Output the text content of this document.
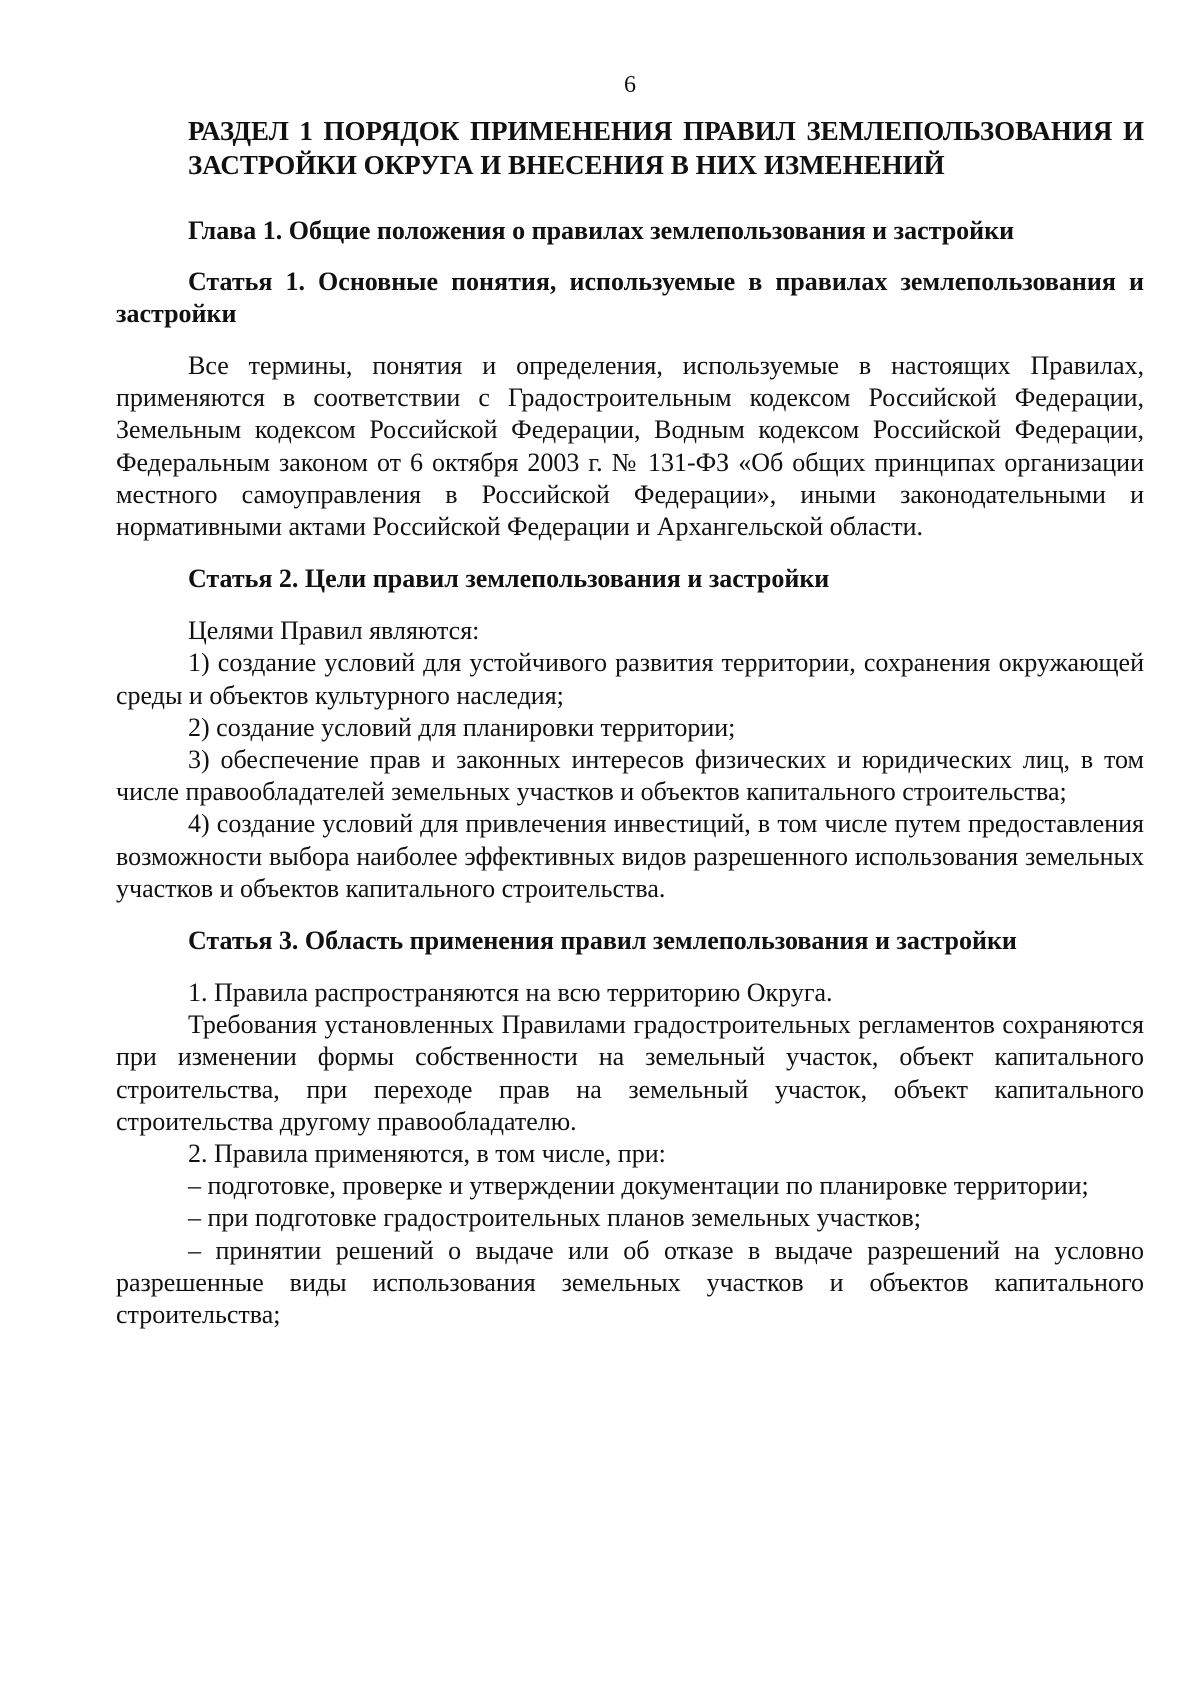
6
РАЗДЕЛ 1 ПОРЯДОК ПРИМЕНЕНИЯ ПРАВИЛ ЗЕМЛЕПОЛЬЗОВАНИЯ И ЗАСТРОЙКИ ОКРУГА И ВНЕСЕНИЯ В НИХ ИЗМЕНЕНИЙ
Глава 1. Общие положения о правилах землепользования и застройки
Статья 1. Основные понятия, используемые в правилах землепользования и застройки

Все термины, понятия и определения, используемые в настоящих Правилах, применяются в соответствии с Градостроительным кодексом Российской Федерации, Земельным кодексом Российской Федерации, Водным кодексом Российской Федерации, Федеральным законом от 6 октября 2003 г. № 131-ФЗ «Об общих принципах организации местного самоуправления в Российской Федерации», иными законодательными и нормативными актами Российской Федерации и Архангельской области.

Статья 2. Цели правил землепользования и застройки

Целями Правил являются:

1) создание условий для устойчивого развития территории, сохранения окружающей среды и объектов культурного наследия;

2) создание условий для планировки территории;

3) обеспечение прав и законных интересов физических и юридических лиц, в том числе правообладателей земельных участков и объектов капитального строительства;

4) создание условий для привлечения инвестиций, в том числе путем предоставления возможности выбора наиболее эффективных видов разрешенного использования земельных участков и объектов капитального строительства.

Статья 3. Область применения правил землепользования и застройки

1. Правила распространяются на всю территорию Округа.

Требования установленных Правилами градостроительных регламентов сохраняются при изменении формы собственности на земельный участок, объект капитального строительства, при переходе прав на земельный участок, объект капитального строительства другому правообладателю.

2. Правила применяются, в том числе, при:

– подготовке, проверке и утверждении документации по планировке территории;

– при подготовке градостроительных планов земельных участков;

– принятии решений о выдаче или об отказе в выдаче разрешений на условно разрешенные виды использования земельных участков и объектов капитального строительства;
